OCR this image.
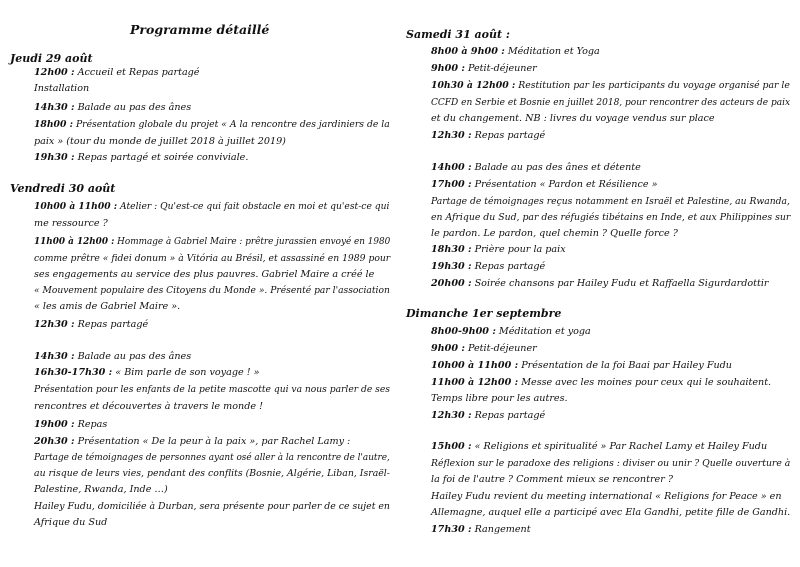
Programme détaillé
Jeudi 29 août
12h00 : Accueil et Repas partagé
Installation
14h30 : Balade au pas des ânes
18h00 : Présentation globale du projet « A la rencontre des jardiniers de la
paix » (tour du monde de juillet 2018 à juillet 2019)
19h30 : Repas partagé et soirée conviviale.
Vendredi 30 août
10h00 à 11h00 : Atelier : Qu'est-ce qui fait obstacle en moi et qu'est-ce qui
me ressource ?
11h00 à 12h00 : Hommage à Gabriel Maire : prêtre jurassien envoyé en 1980
comme prêtre « fidei donum » à Vitória au Brésil, et assassiné en 1989 pour
ses engagements au service des plus pauvres. Gabriel Maire a créé le
« Mouvement populaire des Citoyens du Monde ». Présenté par l'association
« les amis de Gabriel Maire ».
12h30 : Repas partagé
14h30 : Balade au pas des ânes
16h30-17h30 : « Bim parle de son voyage ! »
Présentation pour les enfants de la petite mascotte qui va nous parler de ses
rencontres et découvertes à travers le monde !
19h00 : Repas
20h30 : Présentation « De la peur à la paix », par Rachel Lamy :
Partage de témoignages de personnes ayant osé aller à la rencontre de l'autre,
au risque de leurs vies, pendant des conflits (Bosnie, Algérie, Liban, Israël-
Palestine, Rwanda, Inde …)
Hailey Fudu, domiciliée à Durban, sera présente pour parler de ce sujet en
Afrique du Sud
Samedi 31 août :
8h00 à 9h00 : Méditation et Yoga
9h00 : Petit-déjeuner
10h30 à 12h00 : Restitution par les participants du voyage organisé par le
CCFD en Serbie et Bosnie en juillet 2018, pour rencontrer des acteurs de paix
et du changement. NB : livres du voyage vendus sur place
12h30 : Repas partagé
14h00 : Balade au pas des ânes et détente
17h00 : Présentation « Pardon et Résilience »
Partage de témoignages reçus notamment en Israël et Palestine, au Rwanda,
en Afrique du Sud, par des réfugiés tibétains en Inde, et aux Philippines sur
le pardon. Le pardon, quel chemin ? Quelle force ?
18h30 : Prière pour la paix
19h30 : Repas partagé
20h00 : Soirée chansons par Hailey Fudu et Raffaella Sigurdardottir
Dimanche 1er septembre
8h00-9h00 : Méditation et yoga
9h00 : Petit-déjeuner
10h00 à 11h00 : Présentation de la foi Baai par Hailey Fudu
11h00 à 12h00 : Messe avec les moines pour ceux qui le souhaitent.
Temps libre pour les autres.
12h30 : Repas partagé
15h00 : « Religions et spiritualité » Par Rachel Lamy et Hailey Fudu
Réflexion sur le paradoxe des religions : diviser ou unir ? Quelle ouverture à
la foi de l'autre ? Comment mieux se rencontrer ?
Hailey Fudu revient du meeting international « Religions for Peace » en
Allemagne, auquel elle a participé avec Ela Gandhi, petite fille de Gandhi.
17h30 : Rangement
